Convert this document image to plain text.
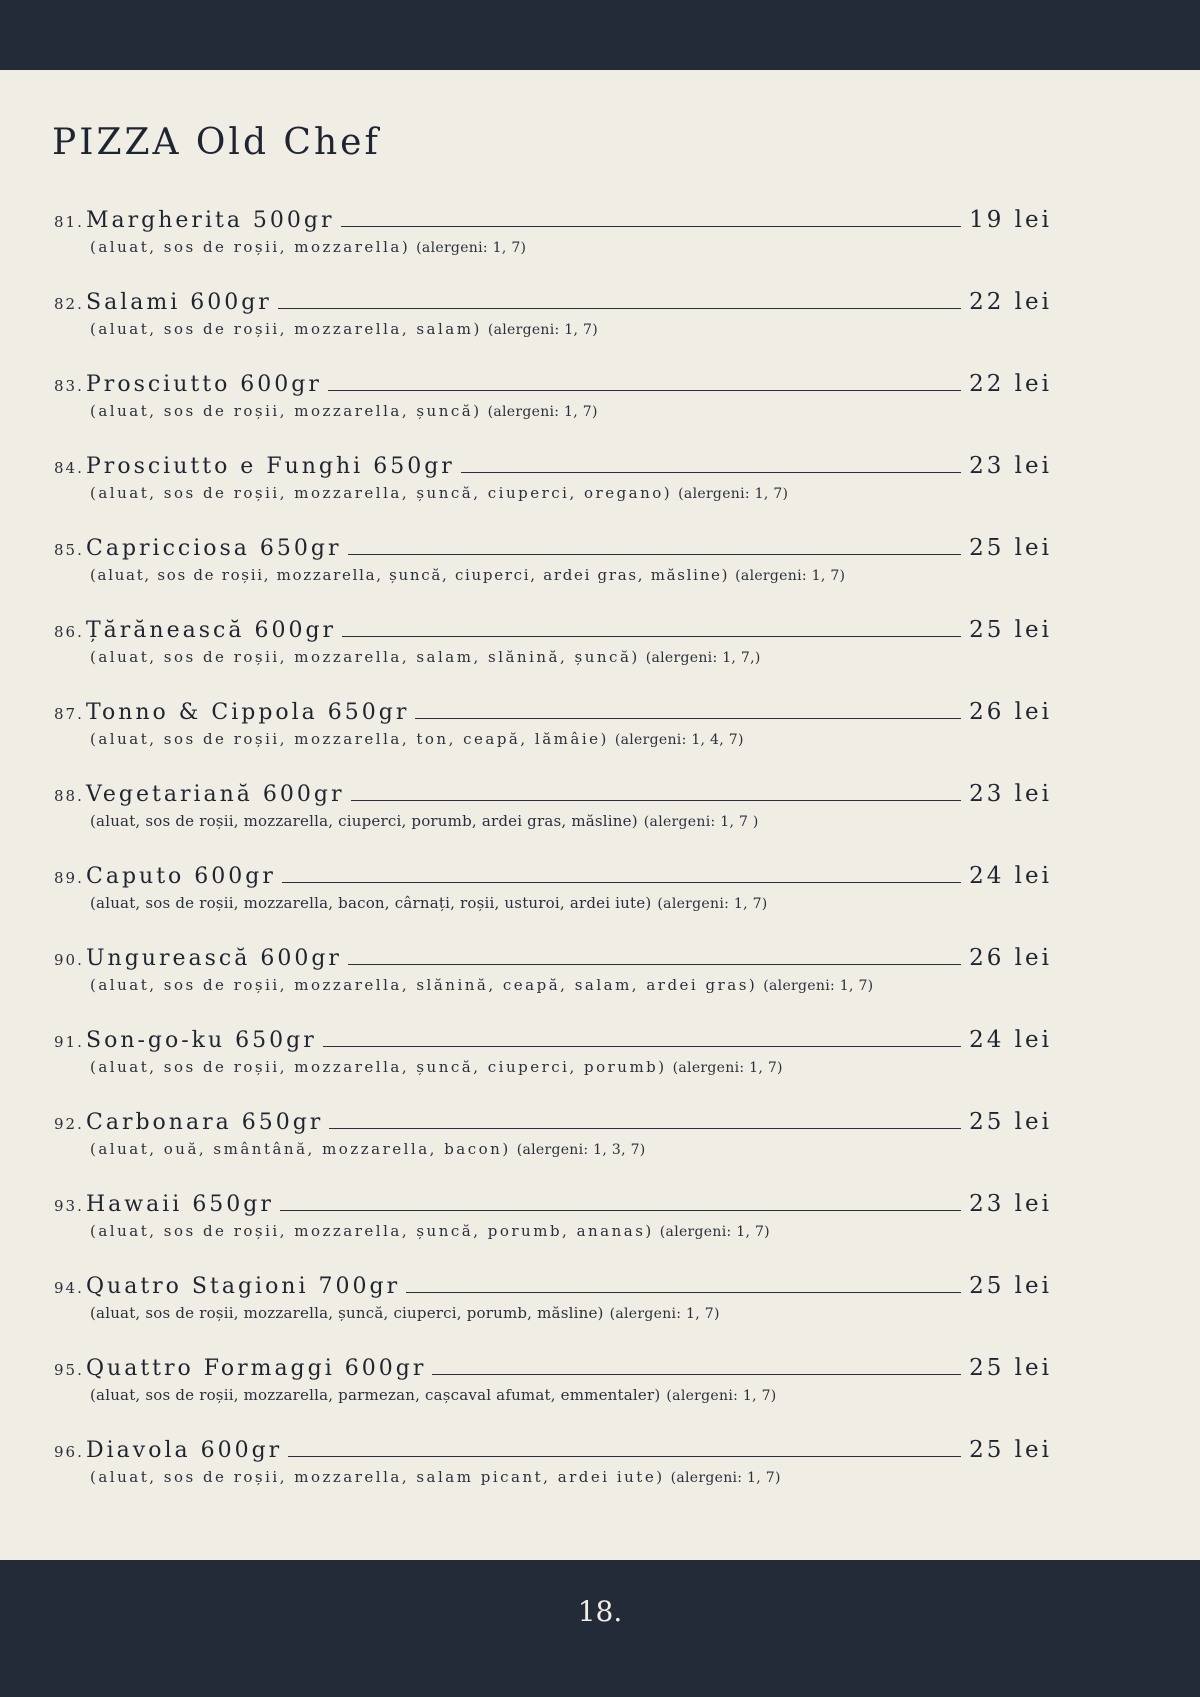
PIZZA Old Chef
81. Margherita 500gr	19 lei
(aluat, sos de roșii, mozzarella) (alergeni: 1, 7)
82. Salami 600gr	22 lei
(aluat, sos de roșii, mozzarella, salam) (alergeni: 1, 7)
83. Prosciutto 600gr	22 lei
(aluat, sos de roșii, mozzarella, șuncă) (alergeni: 1, 7)
84. Prosciutto e Funghi 650gr	23 lei
(aluat, sos de roșii, mozzarella, șuncă, ciuperci, oregano) (alergeni: 1, 7)
85. Capricciosa 650gr	25 lei
(aluat, sos de roșii, mozzarella, șuncă, ciuperci, ardei gras, măsline) (alergeni: 1, 7)
86. Țărănească 600gr	25 lei
(aluat, sos de roșii, mozzarella, salam, slănină, șuncă) (alergeni: 1, 7,)
87. Tonno & Cippola 650gr	26 lei
(aluat, sos de roșii, mozzarella, ton, ceapă, lămâie) (alergeni: 1, 4, 7)
88. Vegetariană 600gr	23 lei
(aluat, sos de roșii, mozzarella, ciuperci, porumb, ardei gras, măsline) (alergeni: 1, 7 )
89. Caputo 600gr	24 lei
(aluat, sos de roșii, mozzarella, bacon, cârnați, roșii, usturoi, ardei iute) (alergeni: 1, 7)
90. Ungurească 600gr	26 lei
(aluat, sos de roșii, mozzarella, slănină, ceapă, salam, ardei gras) (alergeni: 1, 7)
91. Son-go-ku 650gr	24 lei
(aluat, sos de roșii, mozzarella, șuncă, ciuperci, porumb) (alergeni: 1, 7)
92. Carbonara 650gr	25 lei
(aluat, ouă, smântână, mozzarella, bacon) (alergeni: 1, 3, 7)
93. Hawaii 650gr	23 lei
(aluat, sos de roșii, mozzarella, șuncă, porumb, ananas) (alergeni: 1, 7)
94. Quatro Stagioni 700gr	25 lei
(aluat, sos de roșii, mozzarella, șuncă, ciuperci, porumb, măsline) (alergeni: 1, 7)
95. Quattro Formaggi 600gr	25 lei
(aluat, sos de roșii, mozzarella, parmezan, cașcaval afumat, emmentaler) (alergeni: 1, 7)
96. Diavola 600gr	25 lei
(aluat, sos de roșii, mozzarella, salam picant, ardei iute) (alergeni: 1, 7)
18.
